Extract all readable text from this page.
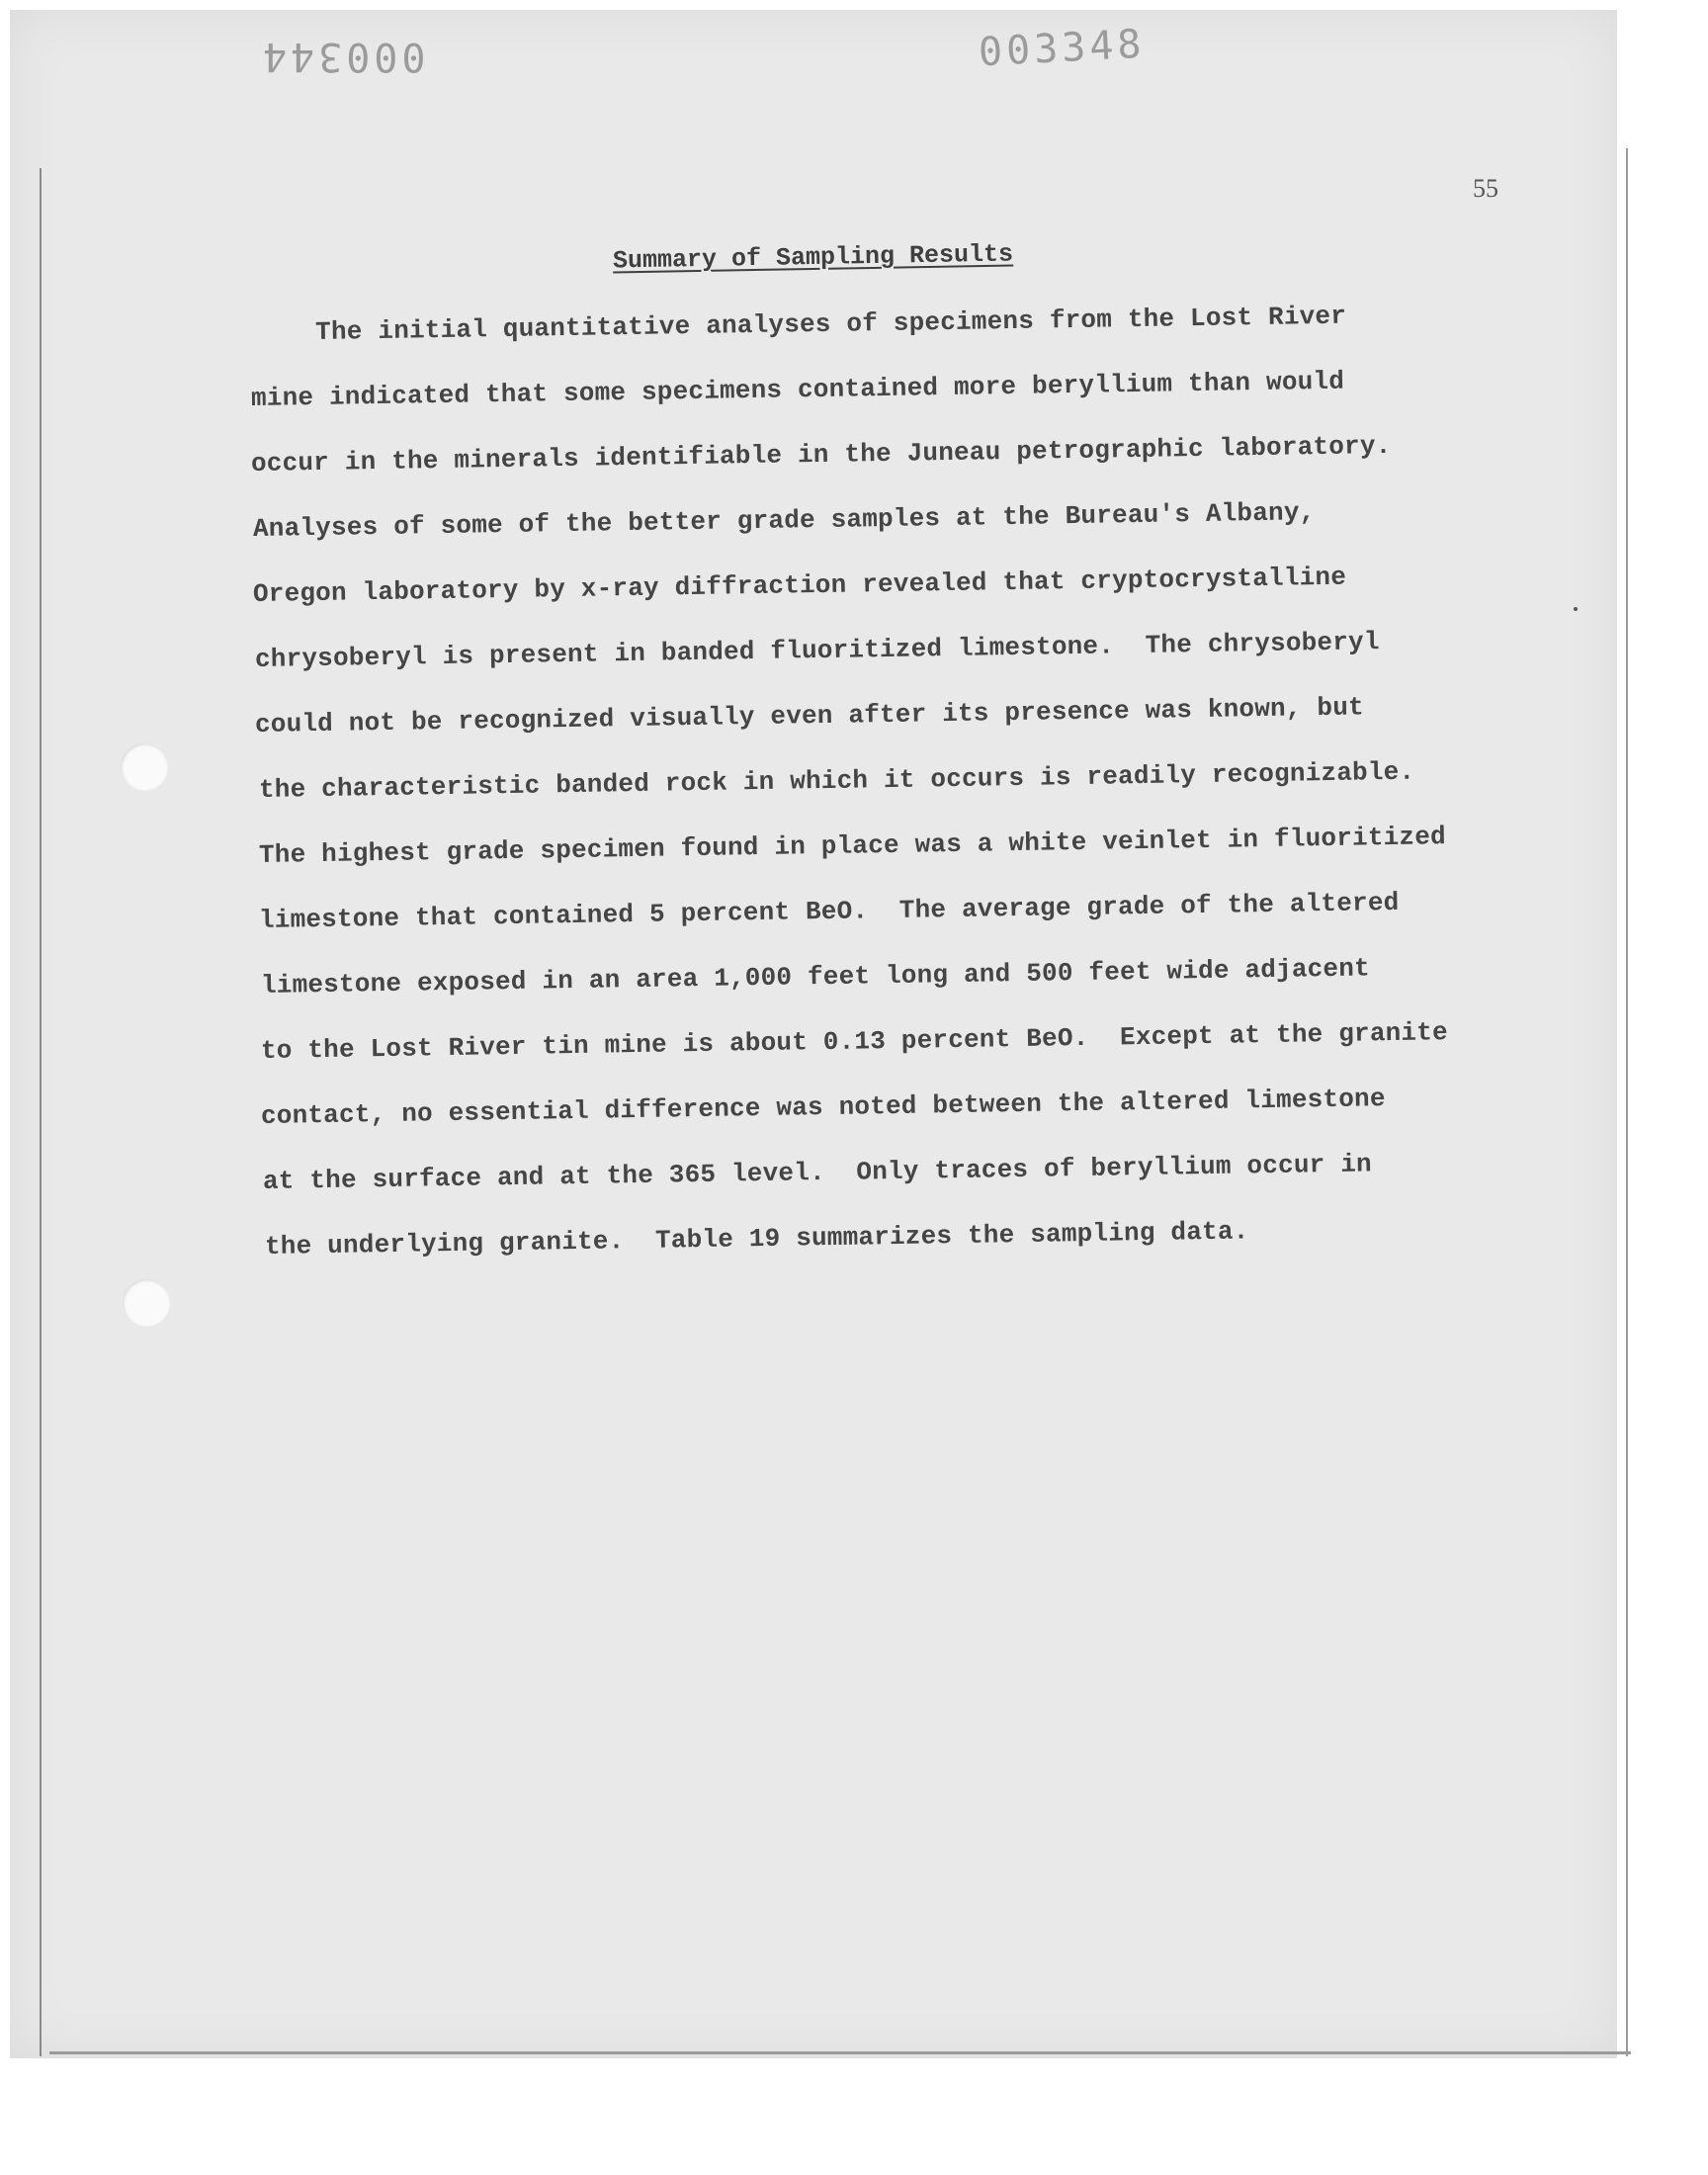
000344	003348
55
Summary of Sampling Results
The initial quantitative analyses of specimens from the Lost River
mine indicated that some specimens contained more beryllium than would
occur in the minerals identifiable in the Juneau petrographic laboratory.
Analyses of some of the better grade samples at the Bureau's Albany,
Oregon laboratory by x-ray diffraction revealed that cryptocrystalline
chrysoberyl is present in banded fluoritized limestone.  The chrysoberyl
could not be recognized visually even after its presence was known, but
the characteristic banded rock in which it occurs is readily recognizable.
The highest grade specimen found in place was a white veinlet in fluoritized
limestone that contained 5 percent BeO.  The average grade of the altered
limestone exposed in an area 1,000 feet long and 500 feet wide adjacent
to the Lost River tin mine is about 0.13 percent BeO.  Except at the granite
contact, no essential difference was noted between the altered limestone
at the surface and at the 365 level.  Only traces of beryllium occur in
the underlying granite.  Table 19 summarizes the sampling data.
